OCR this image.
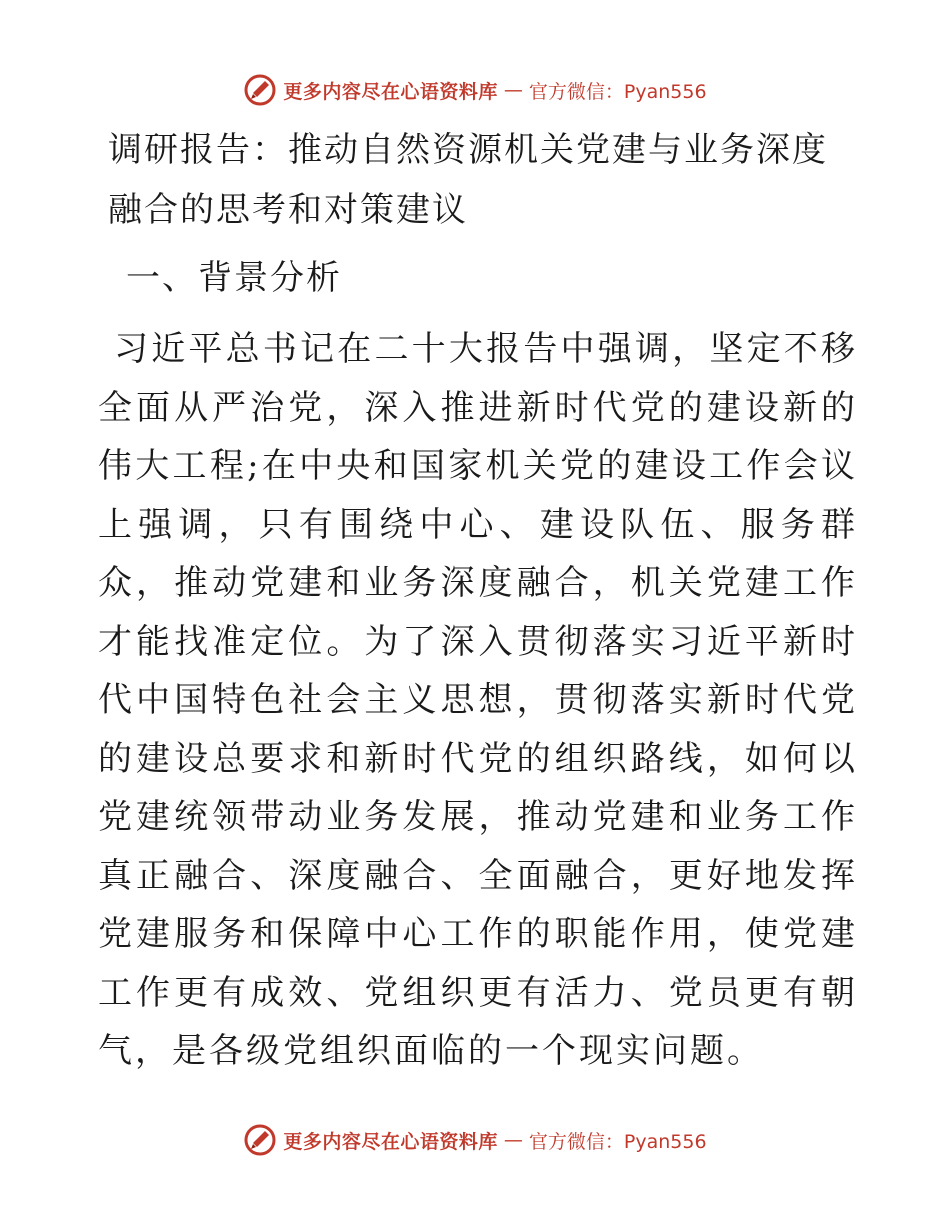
更多内容尽在心语资料库 — 官方微信：Pyan556
调研报告：推动自然资源机关党建与业务深度融合的思考和对策建议
一、背景分析

习近平总书记在二十大报告中强调，坚定不移全面从严治党，深入推进新时代党的建设新的伟大工程;在中央和国家机关党的建设工作会议上强调，只有围绕中心、建设队伍、服务群众，推动党建和业务深度融合，机关党建工作才能找准定位。为了深入贯彻落实习近平新时代中国特色社会主义思想，贯彻落实新时代党的建设总要求和新时代党的组织路线，如何以党建统领带动业务发展，推动党建和业务工作真正融合、深度融合、全面融合，更好地发挥党建服务和保障中心工作的职能作用，使党建工作更有成效、党组织更有活力、党员更有朝气，是各级党组织面临的一个现实问题。

更多内容尽在心语资料库 — 官方微信：Pyan556
